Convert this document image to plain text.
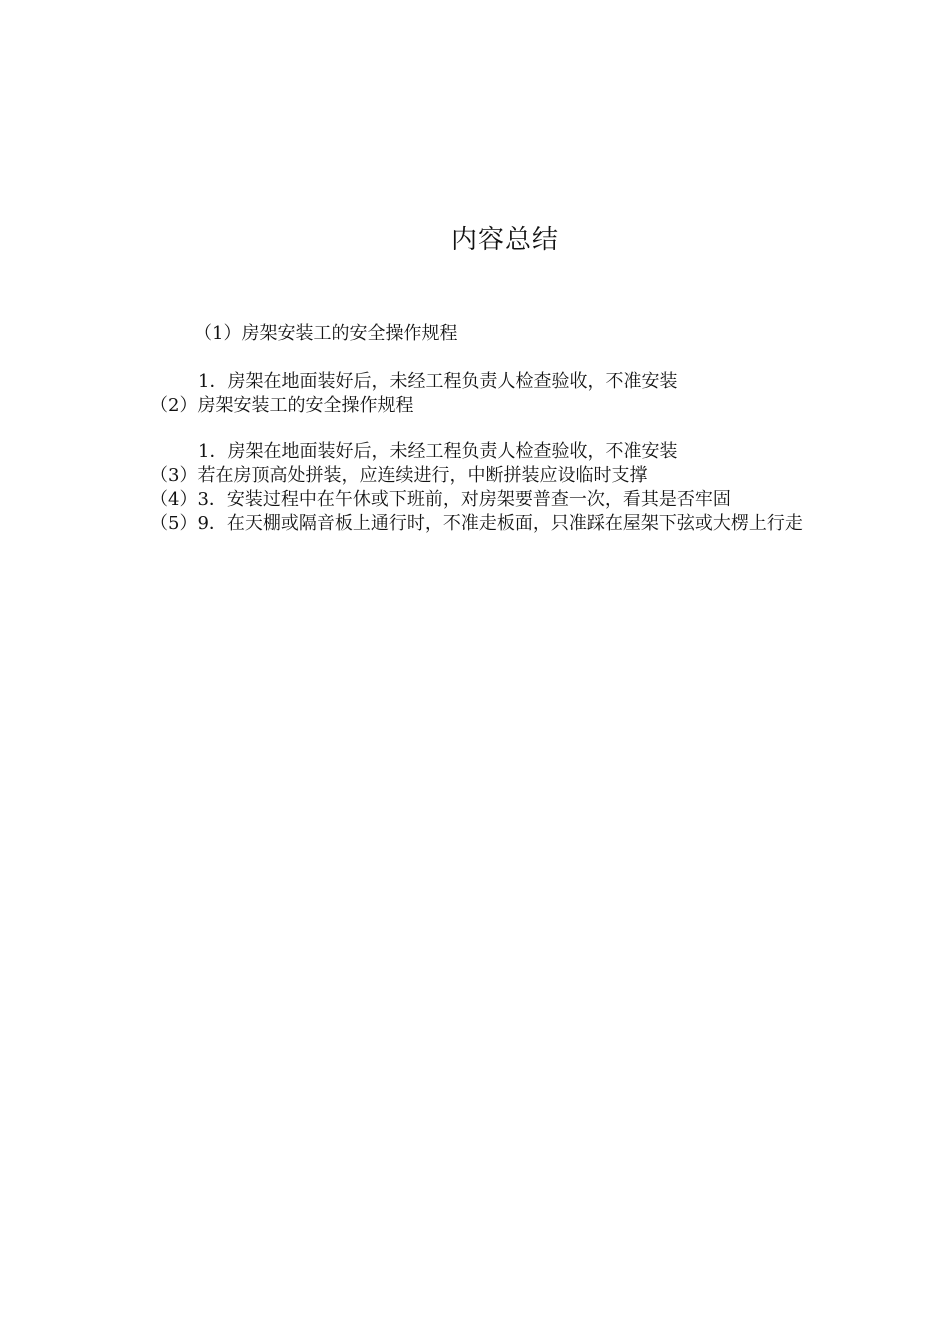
内容总结
（1）房架安装工的安全操作规程
1．房架在地面装好后，未经工程负责人检查验收，不准安装
（2）房架安装工的安全操作规程
1．房架在地面装好后，未经工程负责人检查验收，不准安装
（3）若在房顶高处拼装，应连续进行，中断拼装应设临时支撑
（4）3．安装过程中在午休或下班前，对房架要普查一次，看其是否牢固
（5）9．在天棚或隔音板上通行时，不准走板面，只准踩在屋架下弦或大楞上行走
